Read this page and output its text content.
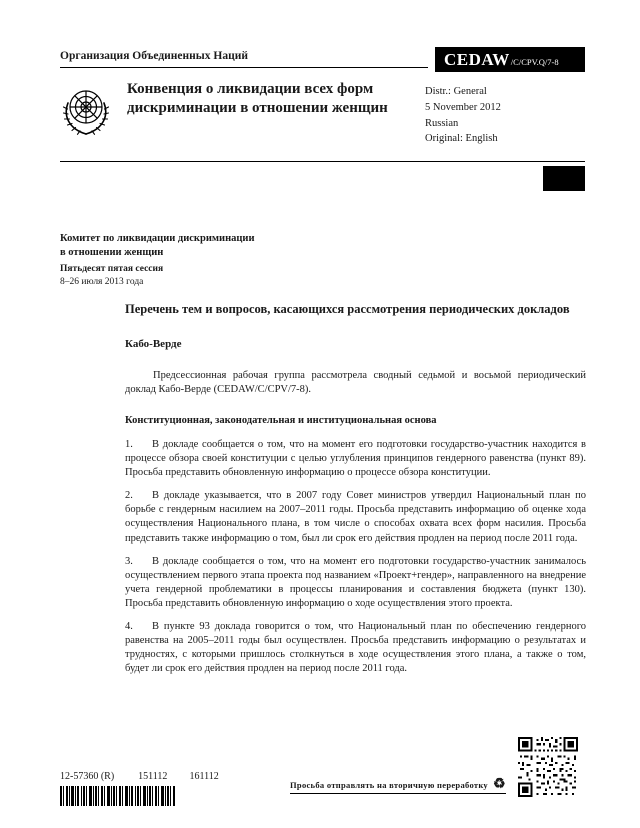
Организация Объединенных Наций	CEDAW /C/CPV.Q/7-8
Конвенция о ликвидации всех форм дискриминации в отношении женщин
Distr.: General
5 November 2012
Russian
Original: English
Комитет по ликвидации дискриминации
в отношении женщин
Пятьдесят пятая сессия
8–26 июля 2013 года
Перечень тем и вопросов, касающихся рассмотрения периодических докладов
Кабо-Верде

Предсессионная рабочая группа рассмотрела сводный седьмой и восьмой периодический доклад Кабо-Верде (CEDAW/C/CPV/7-8).

Конституционная, законодательная и институциональная основа

1. В докладе сообщается о том, что на момент его подготовки государство-участник находится в процессе обзора своей конституции с целью углубления принципов гендерного равенства (пункт 89). Просьба представить обновленную информацию о процессе обзора конституции.

2. В докладе указывается, что в 2007 году Совет министров утвердил Национальный план по борьбе с гендерным насилием на 2007–2011 годы. Просьба представить информацию об оценке хода осуществления Национального плана, в том числе о способах охвата всех форм насилия. Просьба представить также информацию о том, был ли срок его действия продлен на период после 2011 года.

3. В докладе сообщается о том, что на момент его подготовки государство-участник занималось осуществлением первого этапа проекта под названием «Проект+гендер», направленного на внедрение учета гендерной проблематики в процессы планирования и составления бюджета (пункт 130). Просьба представить обновленную информацию о ходе осуществления этого проекта.

4. В пункте 93 доклада говорится о том, что Национальный план по обеспечению гендерного равенства на 2005–2011 годы был осуществлен. Просьба представить информацию о результатах и трудностях, с которыми пришлось столкнуться в ходе осуществления этого плана, а также о том, будет ли срок его действия продлен на период после 2011 года.

12-57360 (R) 151112 161112
Просьба отправлять на вторичную переработку ♻
